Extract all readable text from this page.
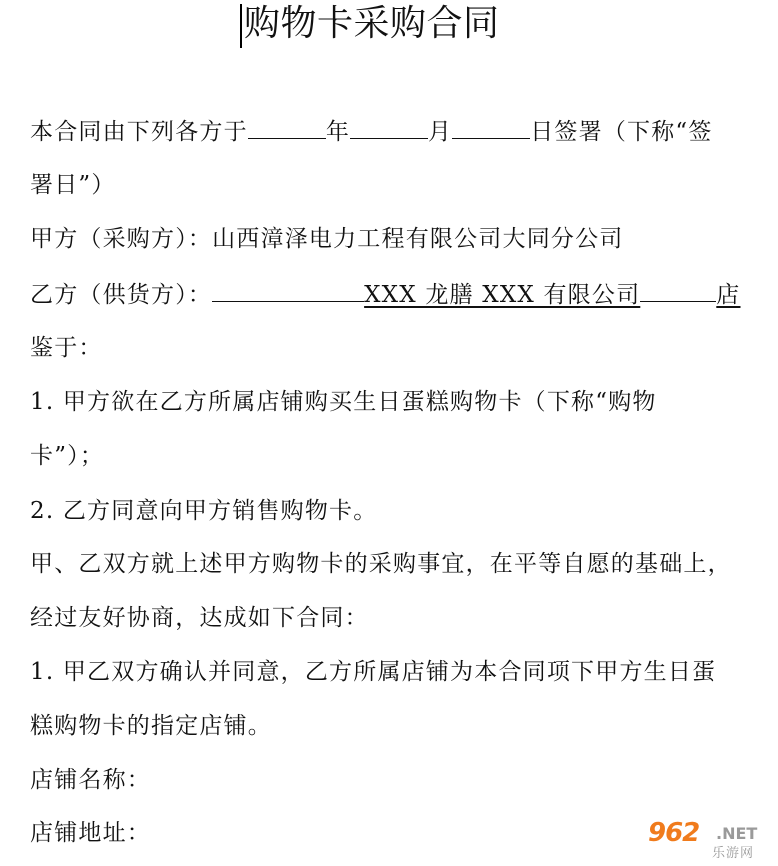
购物卡采购合同
本合同由下列各方于	年	月	日签署（下称“签
署日”）
甲方（采购方）：山西漳泽电力工程有限公司大同分公司
乙方（供货方）：	XXX 龙膳 XXX 有限公司	店
鉴于：
1. 甲方欲在乙方所属店铺购买生日蛋糕购物卡（下称“购物
卡”）；
2. 乙方同意向甲方销售购物卡。
甲、乙双方就上述甲方购物卡的采购事宜，在平等自愿的基础上，
经过友好协商，达成如下合同：
1. 甲乙双方确认并同意，乙方所属店铺为本合同项下甲方生日蛋
糕购物卡的指定店铺。
店铺名称：
店铺地址：	962 .NET
乐游网
